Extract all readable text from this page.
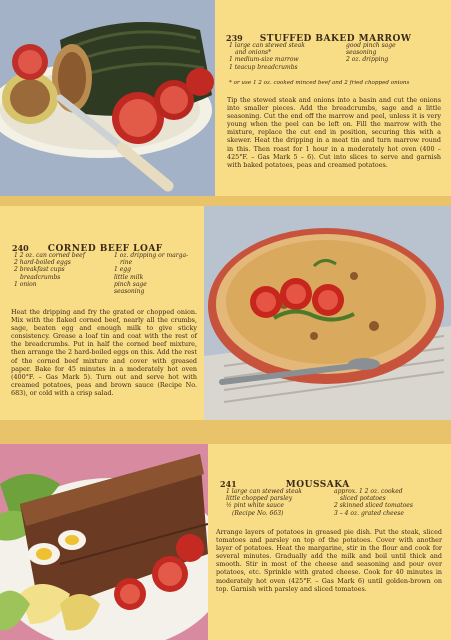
239 STUFFED BAKED MARROW
1 large can stewed steak
and onions*
1 medium-size marrow
1 teacup breadcrumbs
good pinch sage
seasoning
2 oz. dripping
* or use 1 2 oz. cooked minced beef and 2 fried chopped onions
Tip the stewed steak and onions into a basin and cut the onions into smaller pieces. Add the breadcrumbs, sage and a little seasoning. Cut the end off the marrow and peel, unless it is very young when the peel can be left on. Fill the marrow with the mixture, replace the cut end in position, securing this with a skewer. Heat the dripping in a meat tin and turn marrow round in this. Then roast for 1 hour in a moderately hot oven (400 – 425°F. – Gas Mark 5 – 6). Cut into slices to serve and garnish with baked potatoes, peas and creamed potatoes.
240 CORNED BEEF LOAF
1 2 oz. can corned beef
2 hard-boiled eggs
2 breakfast cups
breadcrumbs
1 onion
1 oz. dripping or marga-
rine
1 egg
little milk
pinch sage
seasoning
Heat the dripping and fry the grated or chopped onion. Mix with the flaked corned beef, nearly all the crumbs, sage, beaten egg and enough milk to give sticky consistency. Grease a loaf tin and coat with the rest of the breadcrumbs. Put in half the corned beef mixture, then arrange the 2 hard-boiled eggs on this. Add the rest of the corned beef mixture and cover with greased paper. Bake for 45 minutes in a moderately hot oven (400°F. – Gas Mark 5). Turn out and serve hot with creamed potatoes, peas and brown sauce (Recipe No. 683), or cold with a crisp salad.
241	MOUSSAKA
1 large can stewed steak
little chopped parsley
½ pint white sauce
(Recipe No. 663)
approx. 1 2 oz. cooked
sliced potatoes
2 skinned sliced tomatoes
3 – 4 oz. grated cheese
Arrange layers of potatoes in greased pie dish. Put the steak, sliced tomatoes and parsley on top of the potatoes. Cover with another layer of potatoes. Heat the margarine, stir in the flour and cook for several minutes. Gradually add the milk and boil until thick and smooth. Stir in most of the cheese and seasoning and pour over potatoes, etc. Sprinkle with grated cheese. Cook for 40 minutes in moderately hot oven (425°F. – Gas Mark 6) until golden-brown on top. Garnish with parsley and sliced tomatoes.
